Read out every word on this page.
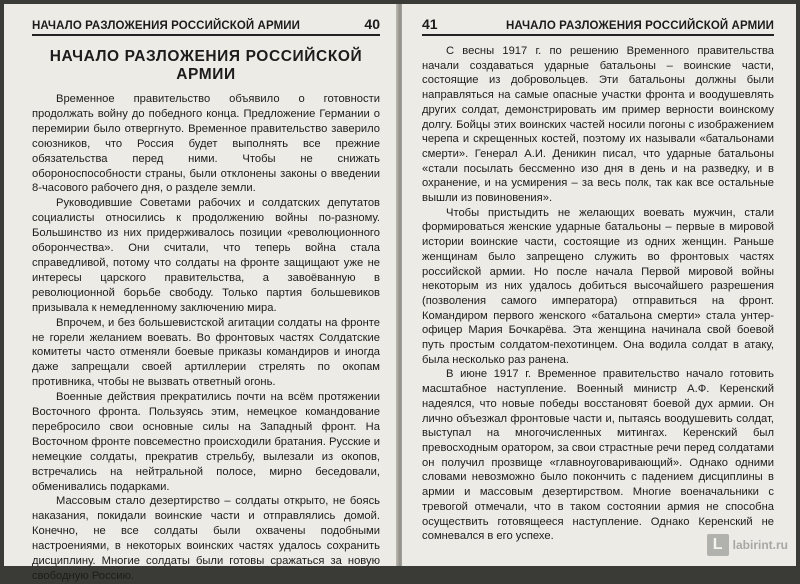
НАЧАЛО РАЗЛОЖЕНИЯ РОССИЙСКОЙ АРМИИ	40
НАЧАЛО РАЗЛОЖЕНИЯ РОССИЙСКОЙ АРМИИ

Временное правительство объявило о готовности продолжать войну до победного конца. Предложение Германии о перемирии было отвергнуто. Временное правительство заверило союзников, что Россия будет выполнять все прежние обязательства перед ними. Чтобы не снижать обороноспособности страны, были отклонены законы о введении 8-часового рабочего дня, о разделе земли.

Руководившие Советами рабочих и солдатских депутатов социалисты относились к продолжению войны по-разному. Большинство из них придерживалось позиции «революционного оборончества». Они считали, что теперь война стала справедливой, потому что солдаты на фронте защищают уже не интересы царского правительства, а завоёванную в революционной борьбе свободу. Только партия большевиков призывала к немедленному заключению мира.

Впрочем, и без большевистской агитации солдаты на фронте не горели желанием воевать. Во фронтовых частях Солдатские комитеты часто отменяли боевые приказы командиров и иногда даже запрещали своей артиллерии стрелять по окопам противника, чтобы не вызвать ответный огонь.

Военные действия прекратились почти на всём протяжении Восточного фронта. Пользуясь этим, немецкое командование перебросило свои основные силы на Западный фронт. На Восточном фронте повсеместно происходили братания. Русские и немецкие солдаты, прекратив стрельбу, вылезали из окопов, встречались на нейтральной полосе, мирно беседовали, обменивались подарками.

Массовым стало дезертирство – солдаты открыто, не боясь наказания, покидали воинские части и отправлялись домой. Конечно, не все солдаты были охвачены подобными настроениями, в некоторых воинских частях удалось сохранить дисциплину. Многие солдаты были готовы сражаться за новую свободную Россию.

41	НАЧАЛО РАЗЛОЖЕНИЯ РОССИЙСКОЙ АРМИИ

С весны 1917 г. по решению Временного правительства начали создаваться ударные батальоны – воинские части, состоящие из добровольцев. Эти батальоны должны были направляться на самые опасные участки фронта и воодушевлять других солдат, демонстрировать им пример верности воинскому долгу. Бойцы этих воинских частей носили погоны с изображением черепа и скрещенных костей, поэтому их называли «батальонами смерти». Генерал А.И. Деникин писал, что ударные батальоны «стали посылать бессменно изо дня в день и на разведку, и в охранение, и на усмирения – за весь полк, так как все остальные вышли из повиновения».

Чтобы пристыдить не желающих воевать мужчин, стали формироваться женские ударные батальоны – первые в мировой истории воинские части, состоящие из одних женщин. Раньше женщинам было запрещено служить во фронтовых частях российской армии. Но после начала Первой мировой войны некоторым из них удалось добиться высочайшего разрешения (позволения самого императора) отправиться на фронт. Командиром первого женского «батальона смерти» стала унтер-офицер Мария Бочкарёва. Эта женщина начинала свой боевой путь простым солдатом-пехотинцем. Она водила солдат в атаку, была несколько раз ранена.

В июне 1917 г. Временное правительство начало готовить масштабное наступление. Военный министр А.Ф. Керенский надеялся, что новые победы восстановят боевой дух армии. Он лично объезжал фронтовые части и, пытаясь воодушевить солдат, выступал на многочисленных митингах. Керенский был превосходным оратором, за свои страстные речи перед солдатами он получил прозвище «главноуговаривающий». Однако одними словами невозможно было покончить с падением дисциплины в армии и массовым дезертирством. Многие военачальники с тревогой отмечали, что в таком состоянии армия не способна осуществить готовящееся наступление. Однако Керенский не сомневался в его успехе.	L labirint.ru
